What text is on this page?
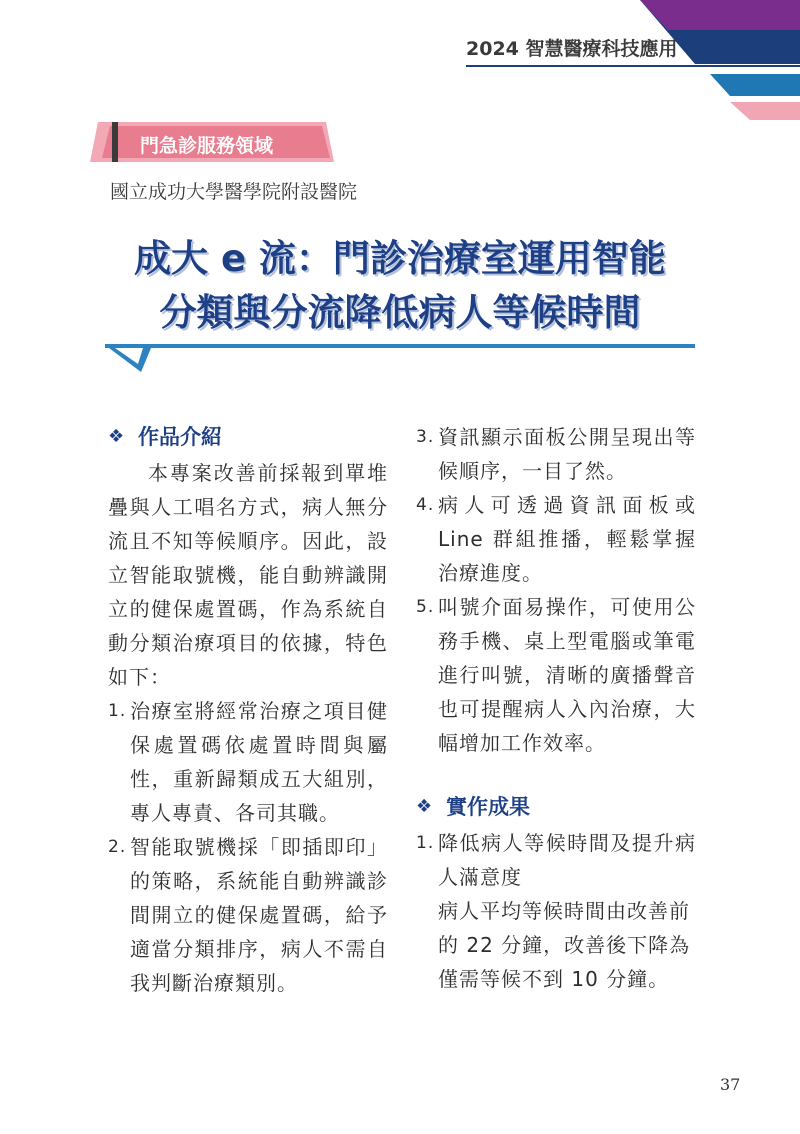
2024 智慧醫療科技應用 HST
門急診服務領域
國立成功大學醫學院附設醫院
成大 e 流：門診治療室運用智能
分類與分流降低病人等候時間
❖ 作品介紹
本專案改善前採報到單堆疊與人工唱名方式，病人無分流且不知等候順序。因此，設立智能取號機，能自動辨識開立的健保處置碼，作為系統自動分類治療項目的依據，特色如下：
1. 治療室將經常治療之項目健保處置碼依處置時間與屬性，重新歸類成五大組別，專人專責、各司其職。
2. 智能取號機採「即插即印」的策略，系統能自動辨識診間開立的健保處置碼，給予適當分類排序，病人不需自我判斷治療類別。
3. 資訊顯示面板公開呈現出等候順序，一目了然。
4. 病人可透過資訊面板或 Line 群組推播，輕鬆掌握治療進度。
5. 叫號介面易操作，可使用公務手機、桌上型電腦或筆電進行叫號，清晰的廣播聲音也可提醒病人入內治療，大幅增加工作效率。
❖ 實作成果
1. 降低病人等候時間及提升病人滿意度
病人平均等候時間由改善前的 22 分鐘，改善後下降為僅需等候不到 10 分鐘。
37
